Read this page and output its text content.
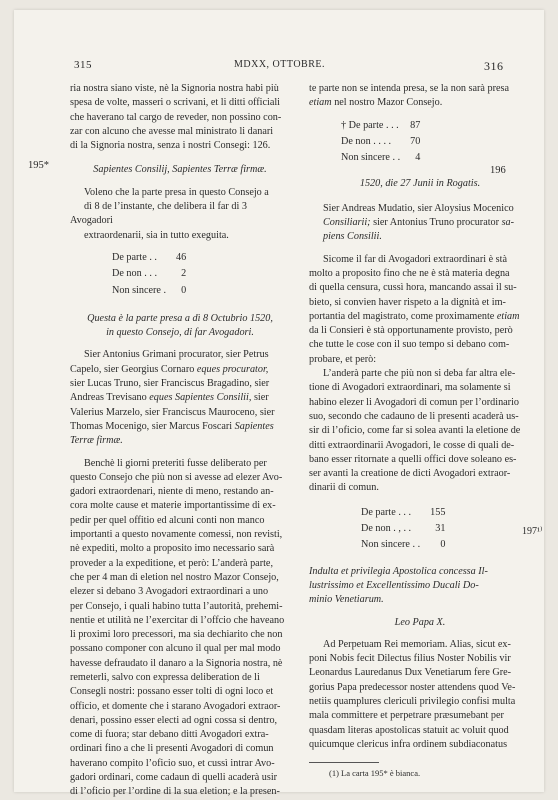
315	MDXX, OTTOBRE.	316

ria nostra siano viste, nè la Signoria nostra habi più

spesa de volte, masseri o scrivani, et li ditti officiali

che haverano tal cargo de reveder, non possino con-

zar con alcuno che avesse mal ministrato li danari

di la Signoria nostra, senza i nostri Consegi: 126.

Sapientes Consilij, Sapientes Terræ firmæ.

Voleno che la parte presa in questo Consejo a

dì 8 de l’instante, che delibera il far di 3 Avogadori

extraordenarii, sia in tutto exeguita.

De parte . .	46
De non . . .	2
Non sincere .	0

Questa è la parte presa a dì 8 Octubrio 1520,

in questo Consejo, di far Avogadori.

Sier Antonius Grimani procurator, sier Petrus

Capelo, sier Georgius Cornaro eques procurator,

sier Lucas Truno, sier Franciscus Bragadino, sier

Andreas Trevisano eques Sapientes Consilii, sier

Valerius Marzelo, sier Franciscus Mauroceno, sier

Thomas Mocenigo, sier Marcus Foscari Sapientes

Terræ firmæ.

Benchè li giorni preteriti fusse deliberato per

questo Consejo che più non si avesse ad elezer Avo-

gadori extraordenari, niente di meno, restando an-

cora molte cause et materie importantissime di ex-

pedir per quel offitio ed alcuni conti non manco

importanti a questo novamente comessi, non revisti,

nè expediti, molto a proposito imo necessario sarà

proveder a la expeditione, et però: L’anderà parte,

che per 4 man di eletion nel nostro Mazor Consejo,

elezer si debano 3 Avogadori extraordinari a uno

per Consejo, i quali habino tutta l’autorità, prehemi-

nentie et utilità ne l’exercitar di l’offcio che haveano

li proximi loro precessori, ma sia dechiarito che non

possano componer con alcuno il qual per mal modo

havesse defraudato il danaro a la Signoria nostra, nè

remeterli, salvo con expressa deliberation de li

Consegli nostri: possano esser tolti di ogni loco et

officio, et domente che i starano Avogadori extraor-

denari, possino esser electi ad ogni cossa si dentro,

come di fuora; star debano ditti Avogadori extra-

ordinari fino a che li presenti Avogadori di comun

haverano compito l’oficio suo, et cussì intrar Avo-

gadori ordinari, come cadaun di quelli acaderà usir

di l’oficio per l’ordine di la sua eletion; e la presen-

195*

te parte non se intenda presa, se la non sarà presa

etiam nel nostro Mazor Consejo.

† De parte . . .	87
De non . . . .	70
Non sincere . .	4

1520, die 27 Junii in Rogatis.

Sier Andreas Mudatio, sier Aloysius Mocenico

Consiliarii; sier Antonius Truno procurator sa-

piens Consilii.

Sicome il far di Avogadori extraordinari è stà

molto a proposito fino che ne è stà materia degna

di quella censura, cussì hora, mancando assai il su-

bieto, si convien haver rispeto a la dignità et im-

portantia del magistrato, come proximamente etiam

da li Consieri è stà opportunamente provisto, però

che tutte le cose con il suo tempo si debano com-

probare, et però:

L’anderà parte che più non si deba far altra ele-

tione di Avogadori extraordinari, ma solamente si

habino elezer li Avogadori di comun per l’ordinario

suo, secondo che cadauno de li presenti acaderà us-

sir di l’oficio, come far si solea avanti la eletione de

ditti extraordinarii Avogadori, le cosse di quali de-

bano esser ritornate a quelli offici dove soleano es-

ser avanti la creatione de dicti Avogadori extraor-

dinarii di comun.

De parte . . .	155
De non . , . .	31
Non sincere . .	0

Indulta et privilegia Apostolica concessa Il-

lustrissimo et Excellentissimo Ducali Do-

minio Venetiarum.

Leo Papa X.

Ad Perpetuam Rei memoriam. Alias, sicut ex-

poni Nobis fecit Dilectus filius Noster Nobilis vir

Leonardus Lauredanus Dux Venetiarum fere Gre-

gorius Papa predecessor noster attendens quod Ve-

netiis quamplures clericuli privilegio confisi multa

mala committere et perpetrare præsumebant per

quasdam literas apostolicas statuit ac voluit quod

quicumque clericus infra ordinem subdiaconatus

(1) La carta 195* è bianca.

196
197¹⁾
